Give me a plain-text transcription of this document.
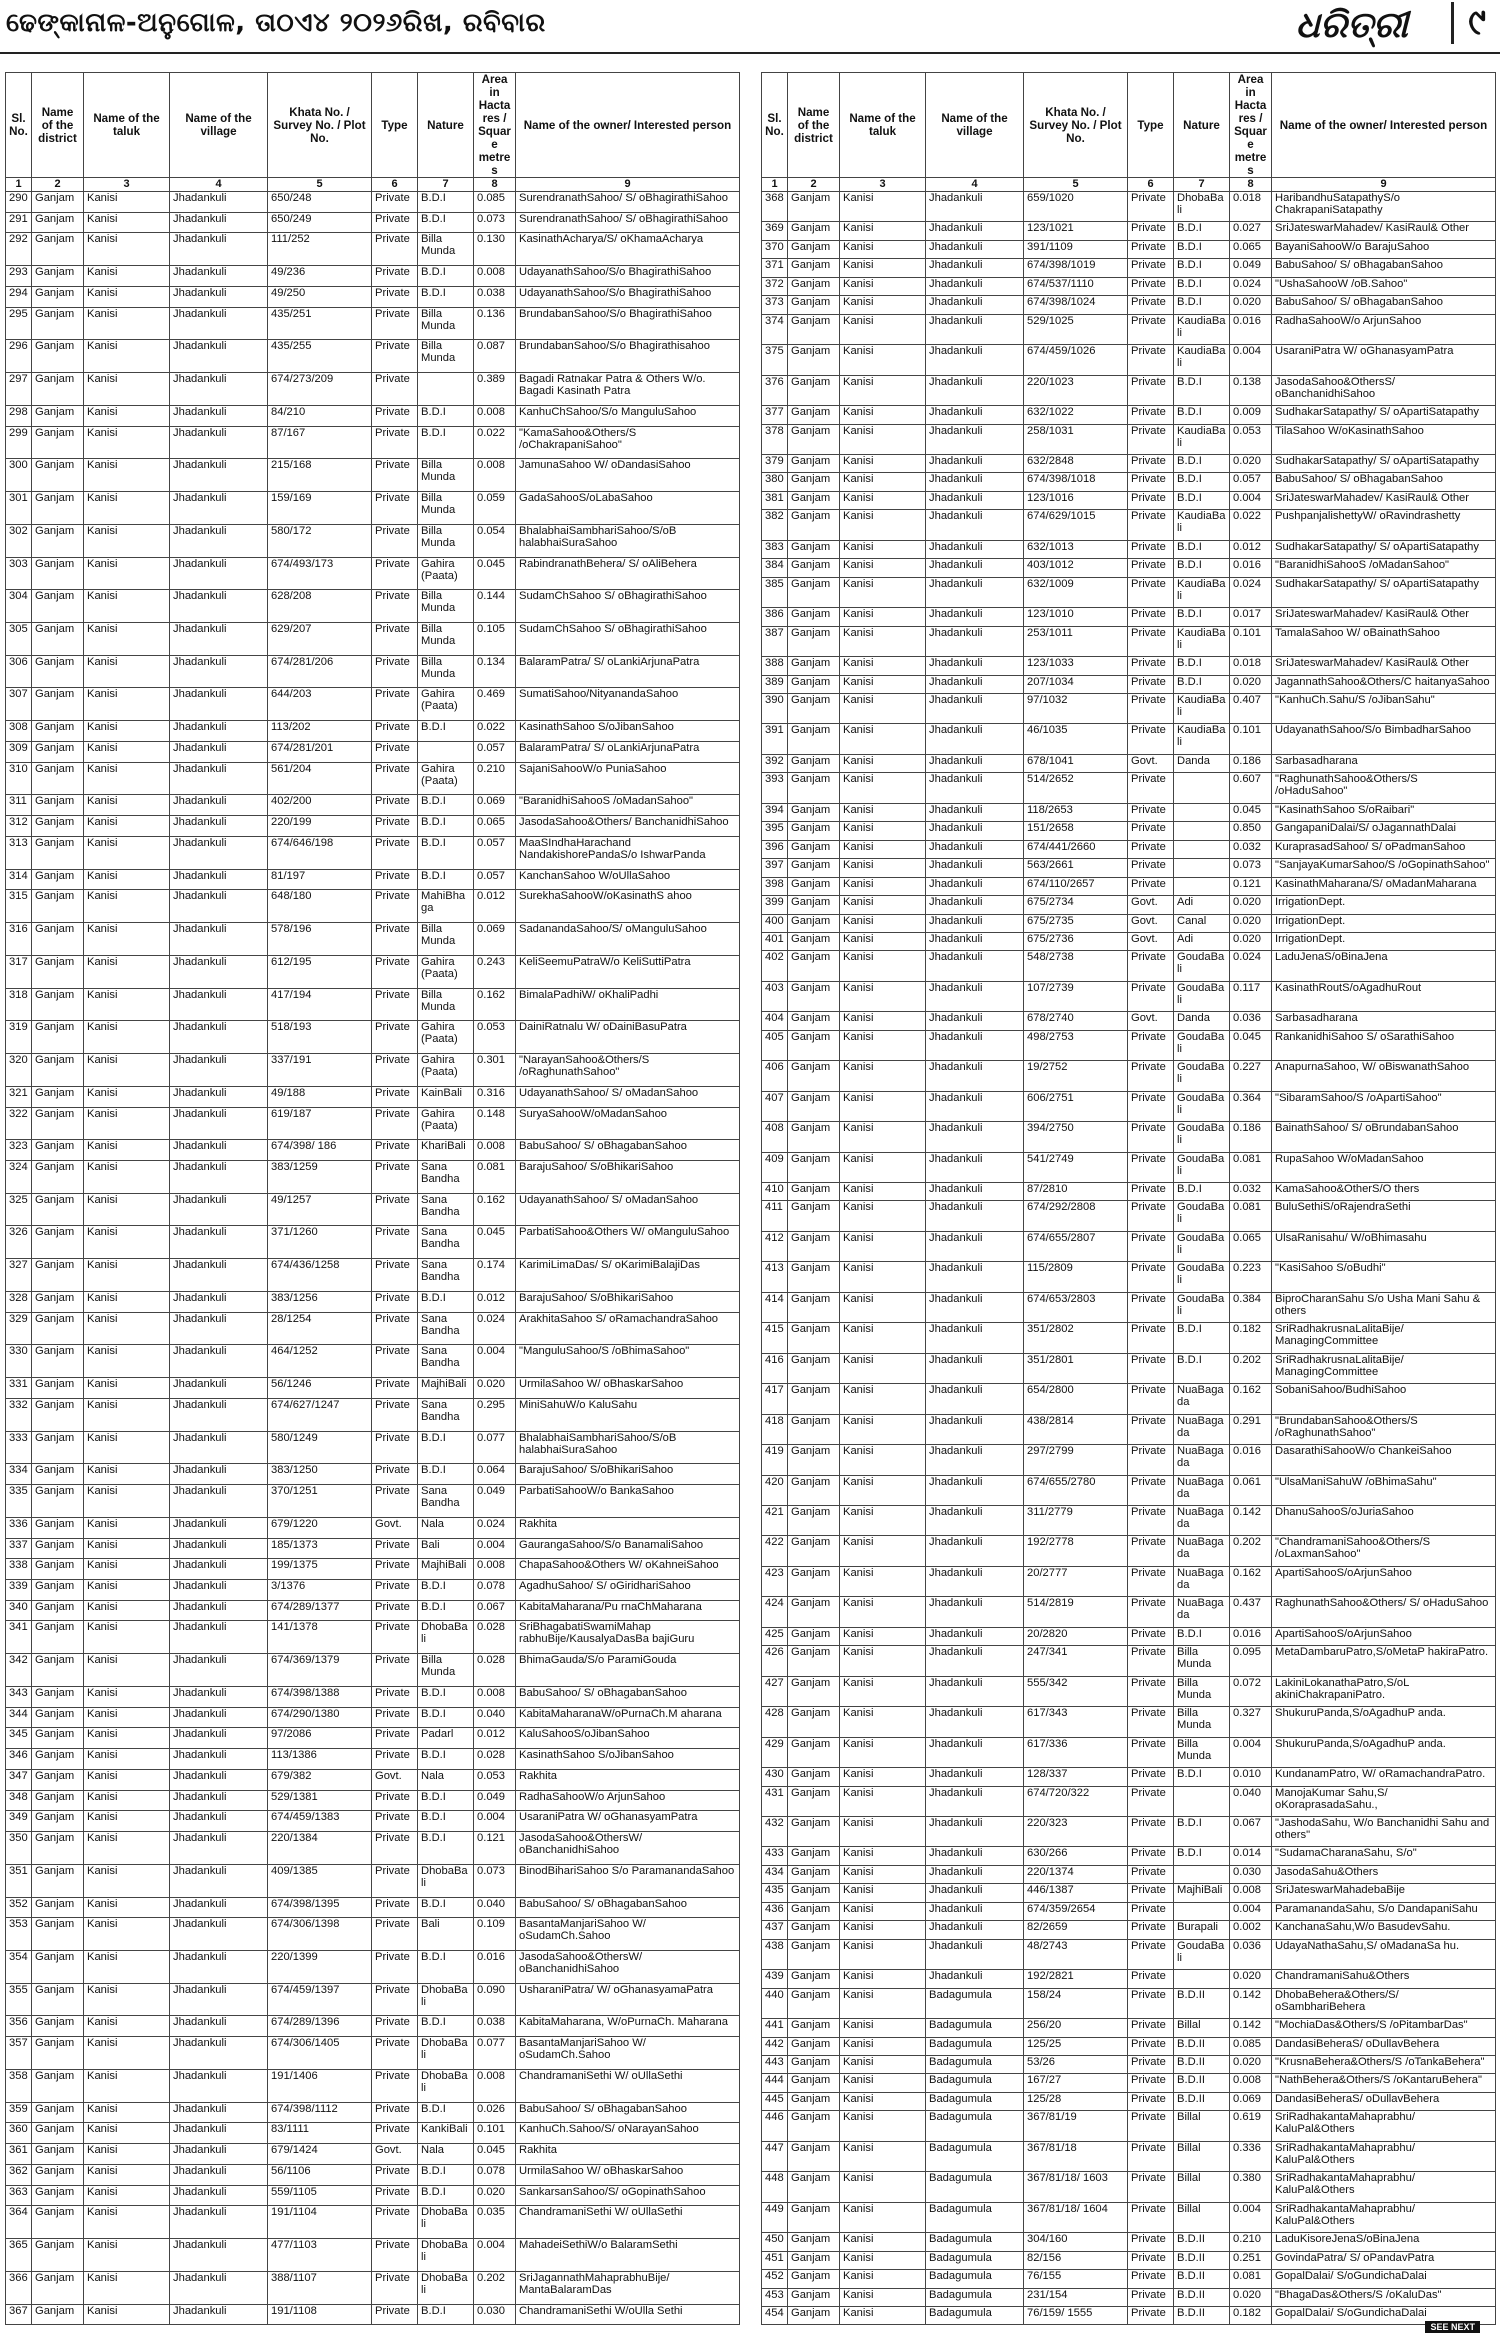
ଢେଙ୍କାନାଳ-ଅନୁଗୋଳ, ତାଠଏ୪ ୨୦୨୬ରିଖ, ରବିବାର	ଧରିତ୍ରୀ	୯
Sl. No.	Name of the district	Name of the taluk	Name of the village	Khata No. / Survey No. / Plot No.	Type	Nature	Area in Hactares / Square metres	Name of the owner/ Interested person
1	2	3	4	5	6	7	8	9
290	Ganjam	Kanisi	Jhadankuli	650/248	Private	B.D.I	0.085	SurendranathSahoo/ S/ oBhagirathiSahoo
291	Ganjam	Kanisi	Jhadankuli	650/249	Private	B.D.I	0.073	SurendranathSahoo/ S/ oBhagirathiSahoo
292	Ganjam	Kanisi	Jhadankuli	111/252	Private	Billa Munda	0.130	KasinathAcharya/S/ oKhamaAcharya
293	Ganjam	Kanisi	Jhadankuli	49/236	Private	B.D.I	0.008	UdayanathSahoo/S/o BhagirathiSahoo
294	Ganjam	Kanisi	Jhadankuli	49/250	Private	B.D.I	0.038	UdayanathSahoo/S/o BhagirathiSahoo
295	Ganjam	Kanisi	Jhadankuli	435/251	Private	Billa Munda	0.136	BrundabanSahoo/S/o BhagirathiSahoo
296	Ganjam	Kanisi	Jhadankuli	435/255	Private	Billa Munda	0.087	BrundabanSahoo/S/o Bhagirathisahoo
297	Ganjam	Kanisi	Jhadankuli	674/273/209	Private		0.389	Bagadi Ratnakar Patra & Others W/o. Bagadi Kasinath Patra
298	Ganjam	Kanisi	Jhadankuli	84/210	Private	B.D.I	0.008	KanhuChSahoo/S/o ManguluSahoo
299	Ganjam	Kanisi	Jhadankuli	87/167	Private	B.D.I	0.022	"KamaSahoo&Others/S /oChakrapaniSahoo"
300	Ganjam	Kanisi	Jhadankuli	215/168	Private	Billa Munda	0.008	JamunaSahoo W/ oDandasiSahoo
301	Ganjam	Kanisi	Jhadankuli	159/169	Private	Billa Munda	0.059	GadaSahooS/oLabaSahoo
302	Ganjam	Kanisi	Jhadankuli	580/172	Private	Billa Munda	0.054	BhalabhaiSambhariSahoo/S/oB halabhaiSuraSahoo
303	Ganjam	Kanisi	Jhadankuli	674/493/173	Private	Gahira (Paata)	0.045	RabindranathBehera/ S/ oAliBehera
304	Ganjam	Kanisi	Jhadankuli	628/208	Private	Billa Munda	0.144	SudamChSahoo S/ oBhagirathiSahoo
305	Ganjam	Kanisi	Jhadankuli	629/207	Private	Billa Munda	0.105	SudamChSahoo S/ oBhagirathiSahoo
306	Ganjam	Kanisi	Jhadankuli	674/281/206	Private	Billa Munda	0.134	BalaramPatra/ S/ oLankiArjunaPatra
307	Ganjam	Kanisi	Jhadankuli	644/203	Private	Gahira (Paata)	0.469	SumatiSahoo/NityanandaSahoo
308	Ganjam	Kanisi	Jhadankuli	113/202	Private	B.D.I	0.022	KasinathSahoo S/oJibanSahoo
309	Ganjam	Kanisi	Jhadankuli	674/281/201	Private		0.057	BalaramPatra/ S/ oLankiArjunaPatra
310	Ganjam	Kanisi	Jhadankuli	561/204	Private	Gahira (Paata)	0.210	SajaniSahooW/o PuniaSahoo
311	Ganjam	Kanisi	Jhadankuli	402/200	Private	B.D.I	0.069	"BaranidhiSahooS /oMadanSahoo"
312	Ganjam	Kanisi	Jhadankuli	220/199	Private	B.D.I	0.065	JasodaSahoo&Others/ BanchanidhiSahoo
313	Ganjam	Kanisi	Jhadankuli	674/646/198	Private	B.D.I	0.057	MaaSIndhaHarachand NandakishorePandaS/o IshwarPanda
314	Ganjam	Kanisi	Jhadankuli	81/197	Private	B.D.I	0.057	KanchanSahoo W/oUllaSahoo
315	Ganjam	Kanisi	Jhadankuli	648/180	Private	MahiBhaga	0.012	SurekhaSahooW/oKasinathS ahoo
316	Ganjam	Kanisi	Jhadankuli	578/196	Private	Billa Munda	0.069	SadanandaSahoo/S/ oManguluSahoo
317	Ganjam	Kanisi	Jhadankuli	612/195	Private	Gahira (Paata)	0.243	KeliSeemuPatraW/o KeliSuttiPatra
318	Ganjam	Kanisi	Jhadankuli	417/194	Private	Billa Munda	0.162	BimalaPadhiW/ oKhaliPadhi
319	Ganjam	Kanisi	Jhadankuli	518/193	Private	Gahira (Paata)	0.053	DainiRatnalu W/ oDainiBasuPatra
320	Ganjam	Kanisi	Jhadankuli	337/191	Private	Gahira (Paata)	0.301	"NarayanSahoo&Others/S /oRaghunathSahoo"
321	Ganjam	Kanisi	Jhadankuli	49/188	Private	KainBali	0.316	UdayanathSahoo/ S/ oMadanSahoo
322	Ganjam	Kanisi	Jhadankuli	619/187	Private	Gahira (Paata)	0.148	SuryaSahooW/oMadanSahoo
323	Ganjam	Kanisi	Jhadankuli	674/398/ 186	Private	KhariBali	0.008	BabuSahoo/ S/ oBhagabanSahoo
324	Ganjam	Kanisi	Jhadankuli	383/1259	Private	Sana Bandha	0.081	BarajuSahoo/ S/oBhikariSahoo
325	Ganjam	Kanisi	Jhadankuli	49/1257	Private	Sana Bandha	0.162	UdayanathSahoo/ S/ oMadanSahoo
326	Ganjam	Kanisi	Jhadankuli	371/1260	Private	Sana Bandha	0.045	ParbatiSahoo&Others W/ oManguluSahoo
327	Ganjam	Kanisi	Jhadankuli	674/436/1258	Private	Sana Bandha	0.174	KarimiLimaDas/ S/ oKarimiBalajiDas
328	Ganjam	Kanisi	Jhadankuli	383/1256	Private	B.D.I	0.012	BarajuSahoo/ S/oBhikariSahoo
329	Ganjam	Kanisi	Jhadankuli	28/1254	Private	Sana Bandha	0.024	ArakhitaSahoo S/ oRamachandraSahoo
330	Ganjam	Kanisi	Jhadankuli	464/1252	Private	Sana Bandha	0.004	"ManguluSahoo/S /oBhimaSahoo"
331	Ganjam	Kanisi	Jhadankuli	56/1246	Private	MajhiBali	0.020	UrmilaSahoo W/ oBhaskarSahoo
332	Ganjam	Kanisi	Jhadankuli	674/627/1247	Private	Sana Bandha	0.295	MiniSahuW/o KaluSahu
333	Ganjam	Kanisi	Jhadankuli	580/1249	Private	B.D.I	0.077	BhalabhaiSambhariSahoo/S/oB halabhaiSuraSahoo
334	Ganjam	Kanisi	Jhadankuli	383/1250	Private	B.D.I	0.064	BarajuSahoo/ S/oBhikariSahoo
335	Ganjam	Kanisi	Jhadankuli	370/1251	Private	Sana Bandha	0.049	ParbatiSahooW/o BankaSahoo
336	Ganjam	Kanisi	Jhadankuli	679/1220	Govt.	Nala	0.024	Rakhita
337	Ganjam	Kanisi	Jhadankuli	185/1373	Private	Bali	0.004	GaurangaSahoo/S/o BanamaliSahoo
338	Ganjam	Kanisi	Jhadankuli	199/1375	Private	MajhiBali	0.008	ChapaSahoo&Others W/ oKahneiSahoo
339	Ganjam	Kanisi	Jhadankuli	3/1376	Private	B.D.I	0.078	AgadhuSahoo/ S/ oGiridhariSahoo
340	Ganjam	Kanisi	Jhadankuli	674/289/1377	Private	B.D.I	0.067	KabitaMaharana/Pu rnaChMaharana
341	Ganjam	Kanisi	Jhadankuli	141/1378	Private	DhobaBali	0.028	SriBhagabatiSwamiMahap rabhuBije/KausalyaDasBa bajiGuru
342	Ganjam	Kanisi	Jhadankuli	674/369/1379	Private	Billa Munda	0.028	BhimaGauda/S/o ParamiGouda
343	Ganjam	Kanisi	Jhadankuli	674/398/1388	Private	B.D.I	0.008	BabuSahoo/ S/ oBhagabanSahoo
344	Ganjam	Kanisi	Jhadankuli	674/290/1380	Private	B.D.I	0.040	KabitaMaharanaW/oPurnaCh.M aharana
345	Ganjam	Kanisi	Jhadankuli	97/2086	Private	Padarl	0.012	KaluSahooS/oJibanSahoo
346	Ganjam	Kanisi	Jhadankuli	113/1386	Private	B.D.I	0.028	KasinathSahoo S/oJibanSahoo
347	Ganjam	Kanisi	Jhadankuli	679/382	Govt.	Nala	0.053	Rakhita
348	Ganjam	Kanisi	Jhadankuli	529/1381	Private	B.D.I	0.049	RadhaSahooW/o ArjunSahoo
349	Ganjam	Kanisi	Jhadankuli	674/459/1383	Private	B.D.I	0.004	UsaraniPatra W/ oGhanasyamPatra
350	Ganjam	Kanisi	Jhadankuli	220/1384	Private	B.D.I	0.121	JasodaSahoo&OthersW/ oBanchanidhiSahoo
351	Ganjam	Kanisi	Jhadankuli	409/1385	Private	DhobaBali	0.073	BinodBihariSahoo S/o ParamanandaSahoo
352	Ganjam	Kanisi	Jhadankuli	674/398/1395	Private	B.D.I	0.040	BabuSahoo/ S/ oBhagabanSahoo
353	Ganjam	Kanisi	Jhadankuli	674/306/1398	Private	Bali	0.109	BasantaManjariSahoo W/ oSudamCh.Sahoo
354	Ganjam	Kanisi	Jhadankuli	220/1399	Private	B.D.I	0.016	JasodaSahoo&OthersW/ oBanchanidhiSahoo
355	Ganjam	Kanisi	Jhadankuli	674/459/1397	Private	DhobaBali	0.090	UsharaniPatra/ W/ oGhanasyamaPatra
356	Ganjam	Kanisi	Jhadankuli	674/289/1396	Private	B.D.I	0.038	KabitaMaharana, W/oPurnaCh. Maharana
357	Ganjam	Kanisi	Jhadankuli	674/306/1405	Private	DhobaBali	0.077	BasantaManjariSahoo W/ oSudamCh.Sahoo
358	Ganjam	Kanisi	Jhadankuli	191/1406	Private	DhobaBali	0.008	ChandramaniSethi W/ oUllaSethi
359	Ganjam	Kanisi	Jhadankuli	674/398/1112	Private	B.D.I	0.026	BabuSahoo/ S/ oBhagabanSahoo
360	Ganjam	Kanisi	Jhadankuli	83/1111	Private	KankiBali	0.101	KanhuCh.Sahoo/S/ oNarayanSahoo
361	Ganjam	Kanisi	Jhadankuli	679/1424	Govt.	Nala	0.045	Rakhita
362	Ganjam	Kanisi	Jhadankuli	56/1106	Private	B.D.I	0.078	UrmilaSahoo W/ oBhaskarSahoo
363	Ganjam	Kanisi	Jhadankuli	559/1105	Private	B.D.I	0.020	SankarsanSahoo/S/ oGopinathSahoo
364	Ganjam	Kanisi	Jhadankuli	191/1104	Private	DhobaBali	0.035	ChandramaniSethi W/ oUllaSethi
365	Ganjam	Kanisi	Jhadankuli	477/1103	Private	DhobaBali	0.004	MahadeiSethiW/o BalaramSethi
366	Ganjam	Kanisi	Jhadankuli	388/1107	Private	DhobaBali	0.202	SriJagannathMahaprabhuBije/ MantaBalaramDas
367	Ganjam	Kanisi	Jhadankuli	191/1108	Private	B.D.I	0.030	ChandramaniSethi W/oUlla Sethi
Sl. No.	Name of the district	Name of the taluk	Name of the village	Khata No. / Survey No. / Plot No.	Type	Nature	Area in Hactares / Square metres	Name of the owner/ Interested person
1	2	3	4	5	6	7	8	9
368	Ganjam	Kanisi	Jhadankuli	659/1020	Private	DhobaBali	0.018	HaribandhuSatapathyS/o ChakrapaniSatapathy
369	Ganjam	Kanisi	Jhadankuli	123/1021	Private	B.D.I	0.027	SriJateswarMahadev/ KasiRaul& Other
370	Ganjam	Kanisi	Jhadankuli	391/1109	Private	B.D.I	0.065	BayaniSahooW/o BarajuSahoo
371	Ganjam	Kanisi	Jhadankuli	674/398/1019	Private	B.D.I	0.049	BabuSahoo/ S/ oBhagabanSahoo
372	Ganjam	Kanisi	Jhadankuli	674/537/1110	Private	B.D.I	0.024	"UshaSahooW /oB.Sahoo"
373	Ganjam	Kanisi	Jhadankuli	674/398/1024	Private	B.D.I	0.020	BabuSahoo/ S/ oBhagabanSahoo
374	Ganjam	Kanisi	Jhadankuli	529/1025	Private	KaudiaBali	0.016	RadhaSahooW/o ArjunSahoo
375	Ganjam	Kanisi	Jhadankuli	674/459/1026	Private	KaudiaBali	0.004	UsaraniPatra W/ oGhanasyamPatra
376	Ganjam	Kanisi	Jhadankuli	220/1023	Private	B.D.I	0.138	JasodaSahoo&OthersS/ oBanchanidhiSahoo
377	Ganjam	Kanisi	Jhadankuli	632/1022	Private	B.D.I	0.009	SudhakarSatapathy/ S/ oApartiSatapathy
378	Ganjam	Kanisi	Jhadankuli	258/1031	Private	KaudiaBali	0.053	TilaSahoo W/oKasinathSahoo
379	Ganjam	Kanisi	Jhadankuli	632/2848	Private	B.D.I	0.020	SudhakarSatapathy/ S/ oApartiSatapathy
380	Ganjam	Kanisi	Jhadankuli	674/398/1018	Private	B.D.I	0.057	BabuSahoo/ S/ oBhagabanSahoo
381	Ganjam	Kanisi	Jhadankuli	123/1016	Private	B.D.I	0.004	SriJateswarMahadev/ KasiRaul& Other
382	Ganjam	Kanisi	Jhadankuli	674/629/1015	Private	KaudiaBali	0.022	PushpanjalishettyW/ oRavindrashetty
383	Ganjam	Kanisi	Jhadankuli	632/1013	Private	B.D.I	0.012	SudhakarSatapathy/ S/ oApartiSatapathy
384	Ganjam	Kanisi	Jhadankuli	403/1012	Private	B.D.I	0.016	"BaranidhiSahooS /oMadanSahoo"
385	Ganjam	Kanisi	Jhadankuli	632/1009	Private	KaudiaBali	0.024	SudhakarSatapathy/ S/ oApartiSatapathy
386	Ganjam	Kanisi	Jhadankuli	123/1010	Private	B.D.I	0.017	SriJateswarMahadev/ KasiRaul& Other
387	Ganjam	Kanisi	Jhadankuli	253/1011	Private	KaudiaBali	0.101	TamalaSahoo W/ oBainathSahoo
388	Ganjam	Kanisi	Jhadankuli	123/1033	Private	B.D.I	0.018	SriJateswarMahadev/ KasiRaul& Other
389	Ganjam	Kanisi	Jhadankuli	207/1034	Private	B.D.I	0.020	JagannathSahoo&Others/C haitanyaSahoo
390	Ganjam	Kanisi	Jhadankuli	97/1032	Private	KaudiaBali	0.407	"KanhuCh.Sahu/S /oJibanSahu"
391	Ganjam	Kanisi	Jhadankuli	46/1035	Private	KaudiaBali	0.101	UdayanathSahoo/S/o BimbadharSahoo
392	Ganjam	Kanisi	Jhadankuli	678/1041	Govt.	Danda	0.186	Sarbasadharana
393	Ganjam	Kanisi	Jhadankuli	514/2652	Private		0.607	"RaghunathSahoo&Others/S /oHaduSahoo"
394	Ganjam	Kanisi	Jhadankuli	118/2653	Private		0.045	"KasinathSahoo S/oRaibari"
395	Ganjam	Kanisi	Jhadankuli	151/2658	Private		0.850	GangapaniDalai/S/ oJagannathDalai
396	Ganjam	Kanisi	Jhadankuli	674/441/2660	Private		0.032	KuraprasadSahoo/ S/ oPadmanSahoo
397	Ganjam	Kanisi	Jhadankuli	563/2661	Private		0.073	"SanjayaKumarSahoo/S /oGopinathSahoo"
398	Ganjam	Kanisi	Jhadankuli	674/110/2657	Private		0.121	KasinathMaharana/S/ oMadanMaharana
399	Ganjam	Kanisi	Jhadankuli	675/2734	Govt.	Adi	0.020	IrrigationDept.
400	Ganjam	Kanisi	Jhadankuli	675/2735	Govt.	Canal	0.020	IrrigationDept.
401	Ganjam	Kanisi	Jhadankuli	675/2736	Govt.	Adi	0.020	IrrigationDept.
402	Ganjam	Kanisi	Jhadankuli	548/2738	Private	GoudaBali	0.024	LaduJenaS/oBinaJena
403	Ganjam	Kanisi	Jhadankuli	107/2739	Private	GoudaBali	0.117	KasinathRoutS/oAgadhuRout
404	Ganjam	Kanisi	Jhadankuli	678/2740	Govt.	Danda	0.036	Sarbasadharana
405	Ganjam	Kanisi	Jhadankuli	498/2753	Private	GoudaBali	0.045	RankanidhiSahoo S/ oSarathiSahoo
406	Ganjam	Kanisi	Jhadankuli	19/2752	Private	GoudaBali	0.227	AnapurnaSahoo, W/ oBiswanathSahoo
407	Ganjam	Kanisi	Jhadankuli	606/2751	Private	GoudaBali	0.364	"SibaramSahoo/S /oApartiSahoo"
408	Ganjam	Kanisi	Jhadankuli	394/2750	Private	GoudaBali	0.186	BainathSahoo/ S/ oBrundabanSahoo
409	Ganjam	Kanisi	Jhadankuli	541/2749	Private	GoudaBali	0.081	RupaSahoo W/oMadanSahoo
410	Ganjam	Kanisi	Jhadankuli	87/2810	Private	B.D.I	0.032	KamaSahoo&OtherS/O thers
411	Ganjam	Kanisi	Jhadankuli	674/292/2808	Private	GoudaBali	0.081	BuluSethiS/oRajendraSethi
412	Ganjam	Kanisi	Jhadankuli	674/655/2807	Private	GoudaBali	0.065	UlsaRanisahu/ W/oBhimasahu
413	Ganjam	Kanisi	Jhadankuli	115/2809	Private	GoudaBali	0.223	"KasiSahoo S/oBudhi"
414	Ganjam	Kanisi	Jhadankuli	674/653/2803	Private	GoudaBali	0.384	BiproCharanSahu S/o Usha Mani Sahu & others
415	Ganjam	Kanisi	Jhadankuli	351/2802	Private	B.D.I	0.182	SriRadhakrusnaLalitaBije/ ManagingCommittee
416	Ganjam	Kanisi	Jhadankuli	351/2801	Private	B.D.I	0.202	SriRadhakrusnaLalitaBije/ ManagingCommittee
417	Ganjam	Kanisi	Jhadankuli	654/2800	Private	NuaBagada	0.162	SobaniSahoo/BudhiSahoo
418	Ganjam	Kanisi	Jhadankuli	438/2814	Private	NuaBagada	0.291	"BrundabanSahoo&Others/S /oRaghunathSahoo"
419	Ganjam	Kanisi	Jhadankuli	297/2799	Private	NuaBagada	0.016	DasarathiSahooW/o ChankeiSahoo
420	Ganjam	Kanisi	Jhadankuli	674/655/2780	Private	NuaBagada	0.061	"UlsaManiSahuW /oBhimaSahu"
421	Ganjam	Kanisi	Jhadankuli	311/2779	Private	NuaBagada	0.142	DhanuSahooS/oJuriaSahoo
422	Ganjam	Kanisi	Jhadankuli	192/2778	Private	NuaBagada	0.202	"ChandramaniSahoo&Others/S /oLaxmanSahoo"
423	Ganjam	Kanisi	Jhadankuli	20/2777	Private	NuaBagada	0.162	ApartiSahooS/oArjunSahoo
424	Ganjam	Kanisi	Jhadankuli	514/2819	Private	NuaBagada	0.437	RaghunathSahoo&Others/ S/ oHaduSahoo
425	Ganjam	Kanisi	Jhadankuli	20/2820	Private	B.D.I	0.016	ApartiSahooS/oArjunSahoo
426	Ganjam	Kanisi	Jhadankuli	247/341	Private	Billa Munda	0.095	MetaDambaruPatro,S/oMetaP hakiraPatro.
427	Ganjam	Kanisi	Jhadankuli	555/342	Private	Billa Munda	0.072	LakiniLokanathaPatro,S/oL akiniChakrapaniPatro.
428	Ganjam	Kanisi	Jhadankuli	617/343	Private	Billa Munda	0.327	ShukuruPanda,S/oAgadhuP anda.
429	Ganjam	Kanisi	Jhadankuli	617/336	Private	Billa Munda	0.004	ShukuruPanda,S/oAgadhuP anda.
430	Ganjam	Kanisi	Jhadankuli	128/337	Private	B.D.I	0.010	KundanamPatro, W/ oRamachandraPatro.
431	Ganjam	Kanisi	Jhadankuli	674/720/322	Private		0.040	ManojaKumar Sahu,S/ oKoraprasadaSahu.,
432	Ganjam	Kanisi	Jhadankuli	220/323	Private	B.D.I	0.067	"JashodaSahu, W/o Banchanidhi Sahu and others"
433	Ganjam	Kanisi	Jhadankuli	630/266	Private	B.D.I	0.014	"SudamaCharanaSahu, S/o"
434	Ganjam	Kanisi	Jhadankuli	220/1374	Private		0.030	JasodaSahu&Others
435	Ganjam	Kanisi	Jhadankuli	446/1387	Private	MajhiBali	0.008	SriJateswarMahadebaBije
436	Ganjam	Kanisi	Jhadankuli	674/359/2654	Private		0.004	ParamanandaSahu, S/o DandapaniSahu
437	Ganjam	Kanisi	Jhadankuli	82/2659	Private	Burapali	0.002	KanchanaSahu,W/o BasudevSahu.
438	Ganjam	Kanisi	Jhadankuli	48/2743	Private	GoudaBali	0.036	UdayaNathaSahu,S/ oMadanaSa hu.
439	Ganjam	Kanisi	Jhadankuli	192/2821	Private		0.020	ChandramaniSahu&Others
440	Ganjam	Kanisi	Badagumula	158/24	Private	B.D.II	0.142	DhobaBehera&Others/S/ oSambhariBehera
441	Ganjam	Kanisi	Badagumula	256/20	Private	Billal	0.142	"MochiaDas&Others/S /oPitambarDas"
442	Ganjam	Kanisi	Badagumula	125/25	Private	B.D.II	0.085	DandasiBeheraS/ oDullavBehera
443	Ganjam	Kanisi	Badagumula	53/26	Private	B.D.II	0.020	"KrusnaBehera&Others/S /oTankaBehera"
444	Ganjam	Kanisi	Badagumula	167/27	Private	B.D.II	0.008	"NathBehera&Others/S /oKantaruBehera"
445	Ganjam	Kanisi	Badagumula	125/28	Private	B.D.II	0.069	DandasiBeheraS/ oDullavBehera
446	Ganjam	Kanisi	Badagumula	367/81/19	Private	Billal	0.619	SriRadhakantaMahaprabhu/ KaluPal&Others
447	Ganjam	Kanisi	Badagumula	367/81/18	Private	Billal	0.336	SriRadhakantaMahaprabhu/ KaluPal&Others
448	Ganjam	Kanisi	Badagumula	367/81/18/ 1603	Private	Billal	0.380	SriRadhakantaMahaprabhu/ KaluPal&Others
449	Ganjam	Kanisi	Badagumula	367/81/18/ 1604	Private	Billal	0.004	SriRadhakantaMahaprabhu/ KaluPal&Others
450	Ganjam	Kanisi	Badagumula	304/160	Private	B.D.II	0.210	LaduKisoreJenaS/oBinaJena
451	Ganjam	Kanisi	Badagumula	82/156	Private	B.D.II	0.251	GovindaPatra/ S/ oPandavPatra
452	Ganjam	Kanisi	Badagumula	76/155	Private	B.D.II	0.081	GopalDalai/ S/oGundichaDalai
453	Ganjam	Kanisi	Badagumula	231/154	Private	B.D.II	0.020	"BhagaDas&Others/S /oKaluDas"
454	Ganjam	Kanisi	Badagumula	76/159/ 1555	Private	B.D.II	0.182	GopalDalai/ S/oGundichaDalai
SEE NEXT
